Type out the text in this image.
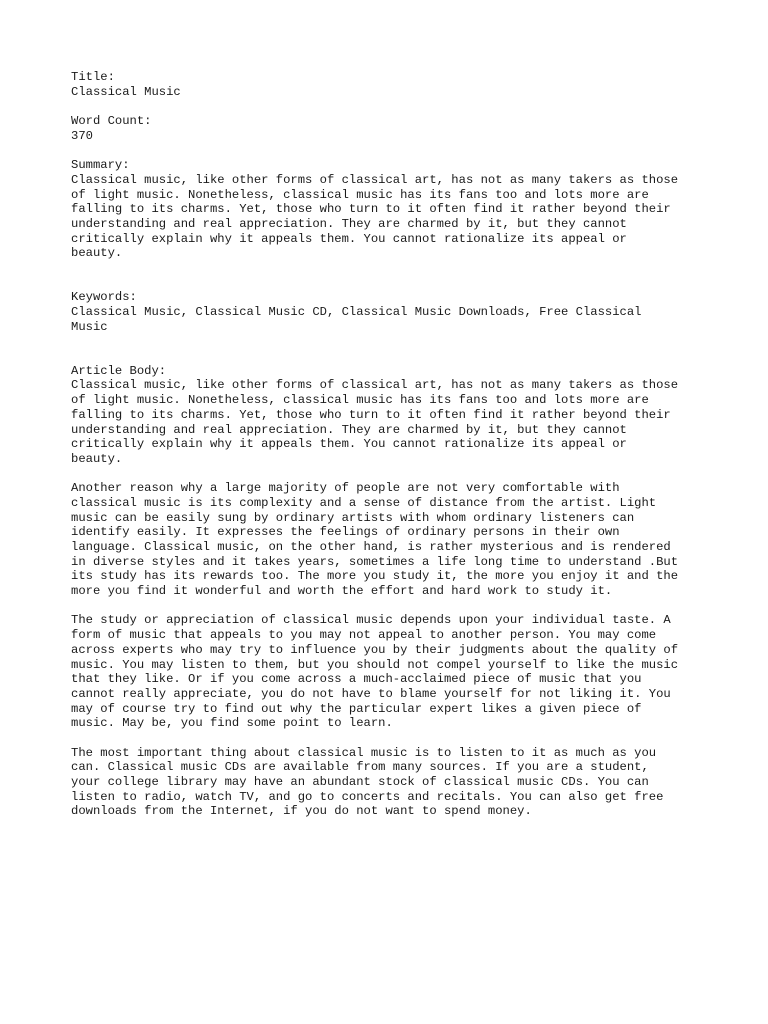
Title:
Classical Music
Word Count:
370
Summary:
Classical music, like other forms of classical art, has not as many takers as those
of light music. Nonetheless, classical music has its fans too and lots more are
falling to its charms. Yet, those who turn to it often find it rather beyond their
understanding and real appreciation. They are charmed by it, but they cannot
critically explain why it appeals them. You cannot rationalize its appeal or
beauty.
Keywords:
Classical Music, Classical Music CD, Classical Music Downloads, Free Classical
Music
Article Body:
Classical music, like other forms of classical art, has not as many takers as those
of light music. Nonetheless, classical music has its fans too and lots more are
falling to its charms. Yet, those who turn to it often find it rather beyond their
understanding and real appreciation. They are charmed by it, but they cannot
critically explain why it appeals them. You cannot rationalize its appeal or
beauty.
Another reason why a large majority of people are not very comfortable with
classical music is its complexity and a sense of distance from the artist. Light
music can be easily sung by ordinary artists with whom ordinary listeners can
identify easily. It expresses the feelings of ordinary persons in their own
language. Classical music, on the other hand, is rather mysterious and is rendered
in diverse styles and it takes years, sometimes a life long time to understand .But
its study has its rewards too. The more you study it, the more you enjoy it and the
more you find it wonderful and worth the effort and hard work to study it.
The study or appreciation of classical music depends upon your individual taste. A
form of music that appeals to you may not appeal to another person. You may come
across experts who may try to influence you by their judgments about the quality of
music. You may listen to them, but you should not compel yourself to like the music
that they like. Or if you come across a much-acclaimed piece of music that you
cannot really appreciate, you do not have to blame yourself for not liking it. You
may of course try to find out why the particular expert likes a given piece of
music. May be, you find some point to learn.
The most important thing about classical music is to listen to it as much as you
can. Classical music CDs are available from many sources. If you are a student,
your college library may have an abundant stock of classical music CDs. You can
listen to radio, watch TV, and go to concerts and recitals. You can also get free
downloads from the Internet, if you do not want to spend money.
